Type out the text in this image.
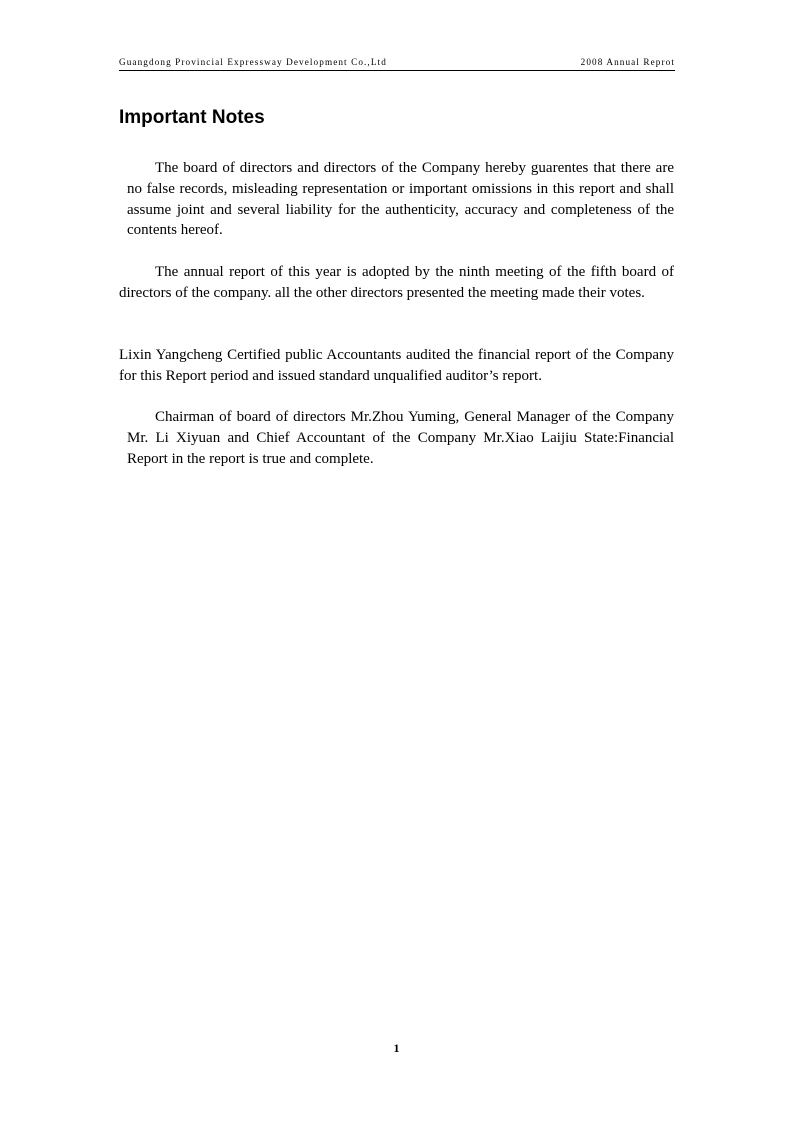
Guangdong Provincial Expressway Development Co.,Ltd	2008 Annual Reprot
Important Notes

The board of directors and directors of the Company hereby guarentes that there are no false records, misleading representation or important omissions in this report and shall assume joint and several liability for the authenticity, accuracy and completeness of the contents hereof.

The annual report of this year is adopted by the ninth meeting of the fifth board of directors of the company. all the other directors presented the meeting made their votes.

Lixin Yangcheng Certified public Accountants audited the financial report of the Company for this Report period and issued standard unqualified auditor’s report.

Chairman of board of directors Mr.Zhou Yuming, General Manager of the Company Mr. Li Xiyuan and Chief Accountant of the Company Mr.Xiao Laijiu State:Financial Report in the report is true and complete.

1
